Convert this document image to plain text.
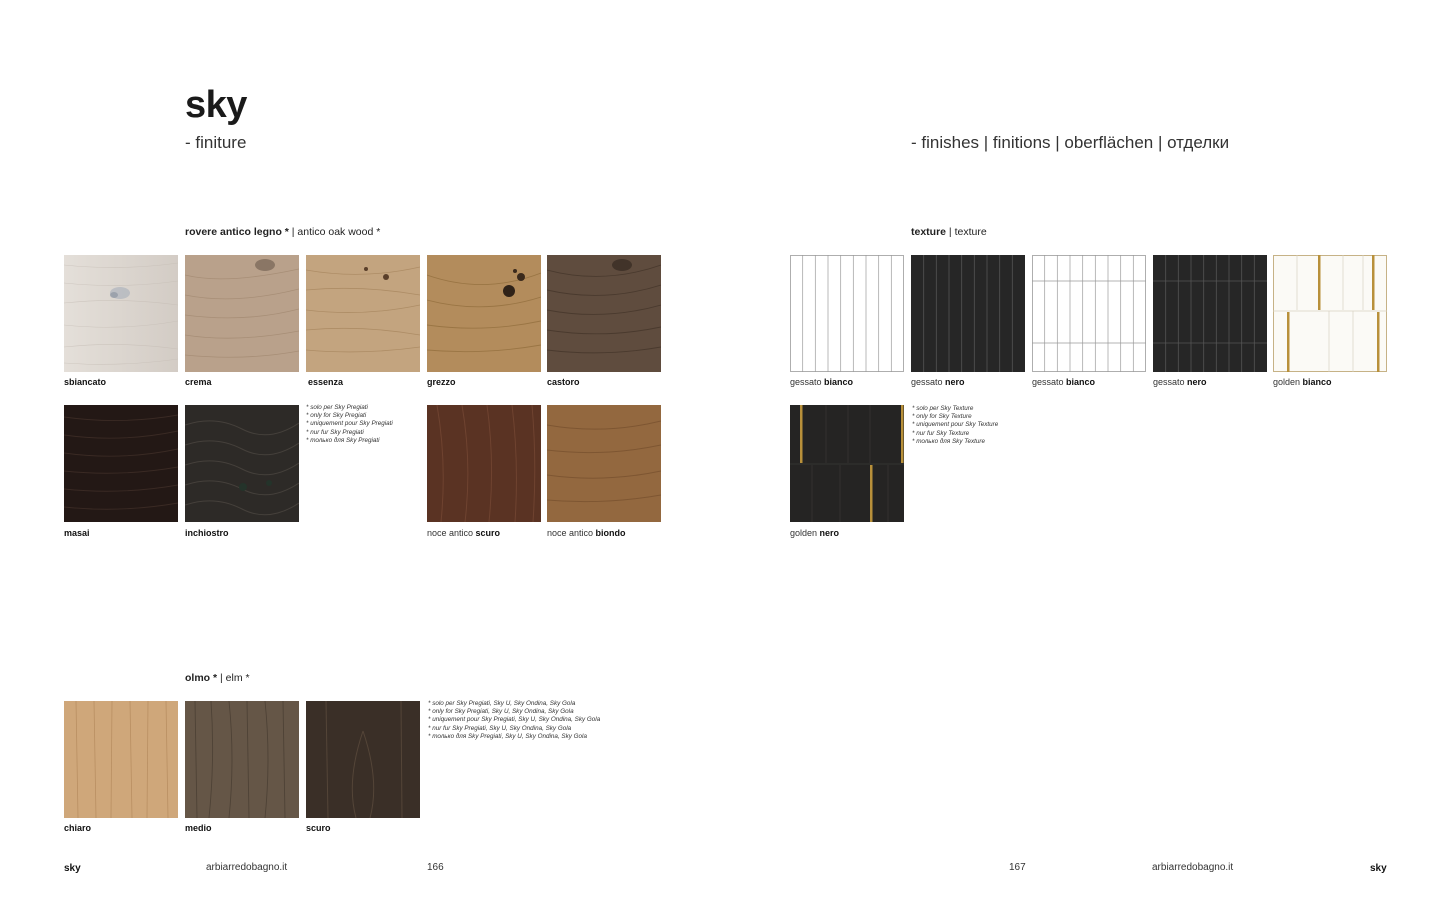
sky

- finiture	- finishes | finitions | oberflächen | отделки

rovere antico legno * | antico oak wood *
sbiancato	crema	essenza	grezzo	castoro
masai	inchiostro	noce antico scuro	noce antico biondo
* solo per Sky Pregiati
* only for Sky Pregiati
* uniquement pour Sky Pregiati
* nur fur Sky Pregiati
* только для Sky Pregiati
olmo * | elm *
chiaro	medio	scuro
* solo per Sky Pregiati, Sky U, Sky Ondina, Sky Gola
* only for Sky Pregiati, Sky U, Sky Ondina, Sky Gola
* uniquement pour Sky Pregiati, Sky U, Sky Ondina, Sky Gola
* nur fur Sky Pregiati, Sky U, Sky Ondina, Sky Gola
* только для Sky Pregiati, Sky U, Sky Ondina, Sky Gola
texture | texture
gessato bianco	gessato nero	gessato bianco	gessato nero	golden bianco
golden nero
* solo per Sky Texture
* only for Sky Texture
* uniquement pour Sky Texture
* nur fur Sky Texture
* только для Sky Texture
sky	arbiarredobagno.it	166	167	arbiarredobagno.it	sky
